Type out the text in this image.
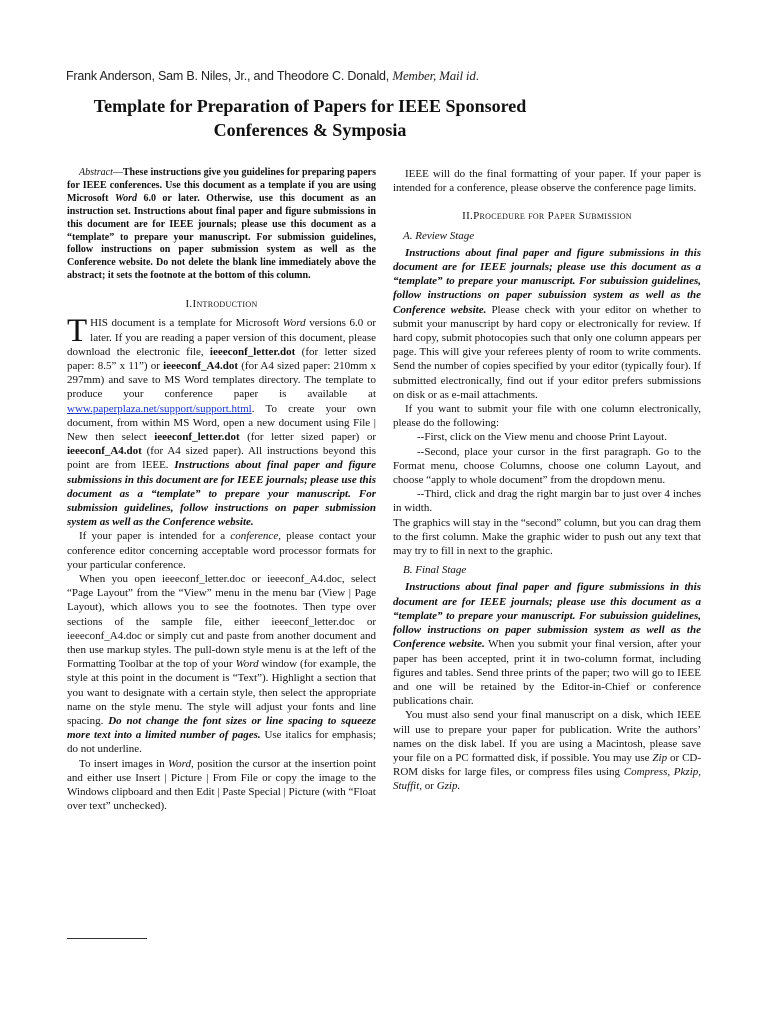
Frank Anderson, Sam B. Niles, Jr., and Theodore C. Donald, Member, Mail id.
Template for Preparation of Papers for IEEE Sponsored
Conferences & Symposia

Abstract—These instructions give you guidelines for preparing papers for IEEE conferences. Use this document as a template if you are using Microsoft Word 6.0 or later. Otherwise, use this document as an instruction set. Instructions about final paper and figure submissions in this document are for IEEE journals; please use this document as a “template” to prepare your manuscript. For submission guidelines, follow instructions on paper submission system as well as the Conference website. Do not delete the blank line immediately above the abstract; it sets the footnote at the bottom of this column.

I.Introduction

THIS document is a template for Microsoft Word versions 6.0 or later. If you are reading a paper version of this document, please download the electronic file, ieeeconf_letter.dot (for letter sized paper: 8.5” x 11”) or ieeeconf_A4.dot (for A4 sized paper: 210mm x 297mm) and save to MS Word templates directory. The template to produce your conference paper is available at www.paperplaza.net/support/support.html. To create your own document, from within MS Word, open a new document using File | New then select ieeeconf_letter.dot (for letter sized paper) or ieeeconf_A4.dot (for A4 sized paper). All instructions beyond this point are from IEEE. Instructions about final paper and figure submissions in this document are for IEEE journals; please use this document as a “template” to prepare your manuscript. For submission guidelines, follow instructions on paper submission system as well as the Conference website.

If your paper is intended for a conference, please contact your conference editor concerning acceptable word processor formats for your particular conference.

When you open ieeeconf_letter.doc or ieeeconf_A4.doc, select “Page Layout” from the “View” menu in the menu bar (View | Page Layout), which allows you to see the footnotes. Then type over sections of the sample file, either ieeeconf_letter.doc or ieeeconf_A4.doc or simply cut and paste from another document and then use markup styles. The pull-down style menu is at the left of the Formatting Toolbar at the top of your Word window (for example, the style at this point in the document is “Text”). Highlight a section that you want to designate with a certain style, then select the appropriate name on the style menu. The style will adjust your fonts and line spacing. Do not change the font sizes or line spacing to squeeze more text into a limited number of pages. Use italics for emphasis; do not underline.

To insert images in Word, position the cursor at the insertion point and either use Insert | Picture | From File or copy the image to the Windows clipboard and then Edit | Paste Special | Picture (with “Float over text” unchecked).

IEEE will do the final formatting of your paper. If your paper is intended for a conference, please observe the conference page limits.

II.Procedure for Paper Submission

A. Review Stage

Instructions about final paper and figure submissions in this document are for IEEE journals; please use this document as a “template” to prepare your manuscript. For subuission guidelines, follow instructions on paper subuission system as well as the Conference website. Please check with your editor on whether to submit your manuscript by hard copy or electronically for review. If hard copy, submit photocopies such that only one column appears per page. This will give your referees plenty of room to write comments. Send the number of copies specified by your editor (typically four). If submitted electronically, find out if your editor prefers submissions on disk or as e-mail attachments.

If you want to submit your file with one column electronically, please do the following:

--First, click on the View menu and choose Print Layout.

--Second, place your cursor in the first paragraph. Go to the Format menu, choose Columns, choose one column Layout, and choose “apply to whole document” from the dropdown menu.

--Third, click and drag the right margin bar to just over 4 inches in width.

The graphics will stay in the “second” column, but you can drag them to the first column. Make the graphic wider to push out any text that may try to fill in next to the graphic.

B. Final Stage

Instructions about final paper and figure submissions in this document are for IEEE journals; please use this document as a “template” to prepare your manuscript. For subuission guidelines, follow instructions on paper submission system as well as the Conference website. When you submit your final version, after your paper has been accepted, print it in two-column format, including figures and tables. Send three prints of the paper; two will go to IEEE and one will be retained by the Editor-in-Chief or conference publications chair.

You must also send your final manuscript on a disk, which IEEE will use to prepare your paper for publication. Write the authors’ names on the disk label. If you are using a Macintosh, please save your file on a PC formatted disk, if possible. You may use Zip or CD-ROM disks for large files, or compress files using Compress, Pkzip, Stuffit, or Gzip.
